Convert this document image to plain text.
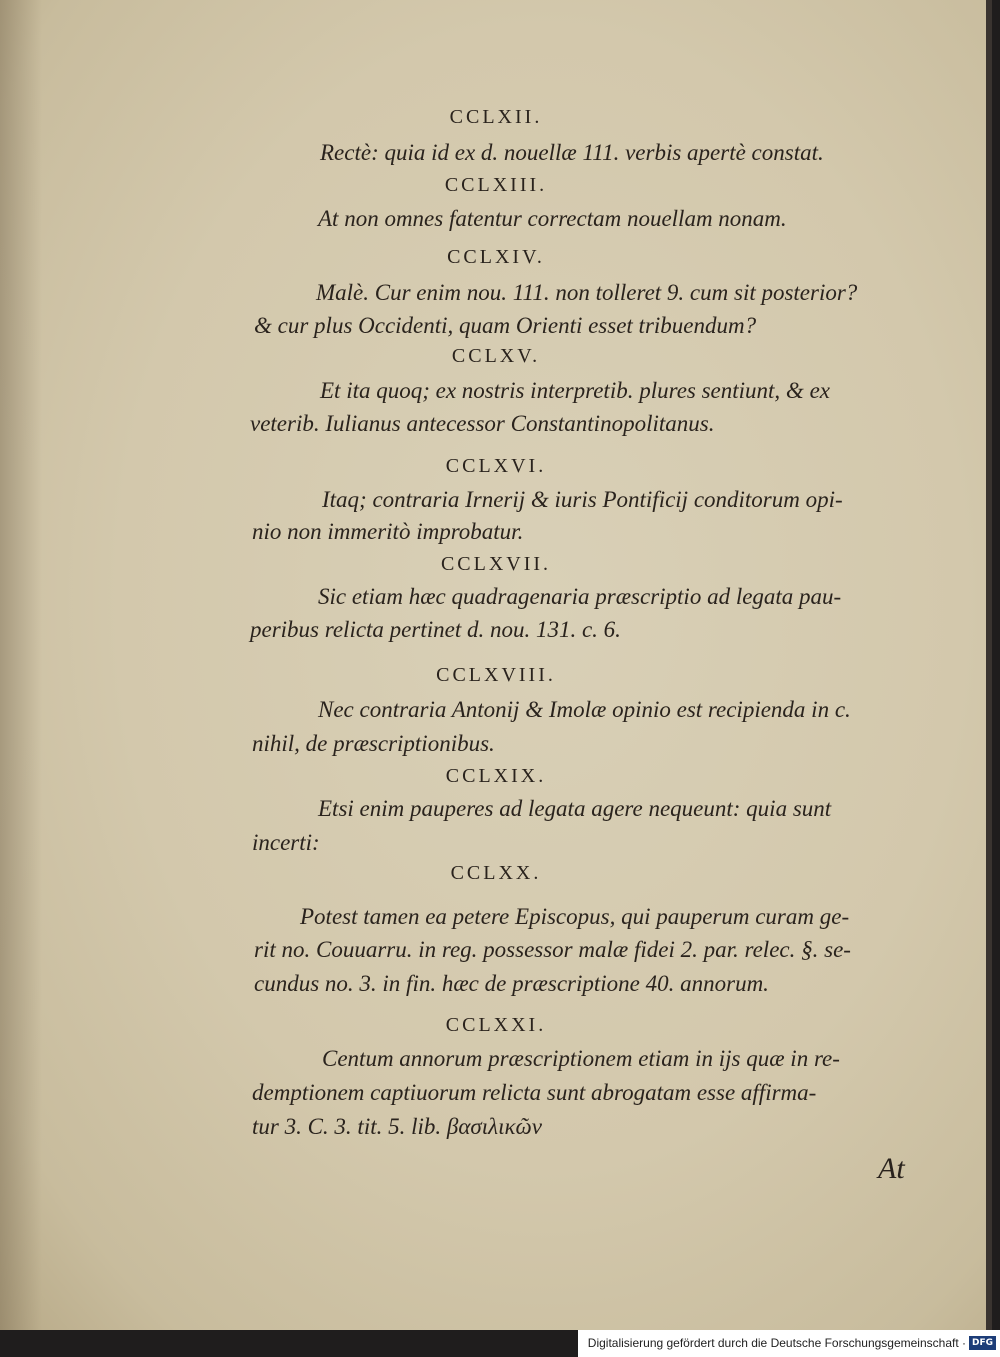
CCLXII.
Rectè: quia id ex d. nouellæ 111. verbis apertè constat.
CCLXIII.
At non omnes fatentur correctam nouellam nonam.
CCLXIV.
Malè. Cur enim nou. 111. non tolleret 9. cum sit posterior?
& cur plus Occidenti, quam Orienti esset tribuendum?
CCLXV.
Et ita quoq; ex nostris interpretib. plures sentiunt, & ex
veterib. Iulianus antecessor Constantinopolitanus.
CCLXVI.
Itaq; contraria Irnerij & iuris Pontificij conditorum opi-
nio non immeritò improbatur.
CCLXVII.
Sic etiam hæc quadragenaria præscriptio ad legata pau-
peribus relicta pertinet d. nou. 131. c. 6.
CCLXVIII.
Nec contraria Antonij & Imolæ opinio est recipienda in c.
nihil, de præscriptionibus.
CCLXIX.
Etsi enim pauperes ad legata agere nequeunt: quia sunt
incerti:
CCLXX.
Potest tamen ea petere Episcopus, qui pauperum curam ge-
rit no. Couuarru. in reg. possessor malæ fidei 2. par. relec. §. se-
cundus no. 3. in fin. hæc de præscriptione 40. annorum.
CCLXXI.
Centum annorum præscriptionem etiam in ijs quæ in re-
demptionem captiuorum relicta sunt abrogatam esse affirma-
tur 3. C. 3. tit. 5. lib. βασιλικῶν
At
Digitalisierung gefördert durch die Deutsche Forschungsgemeinschaft · DFG
